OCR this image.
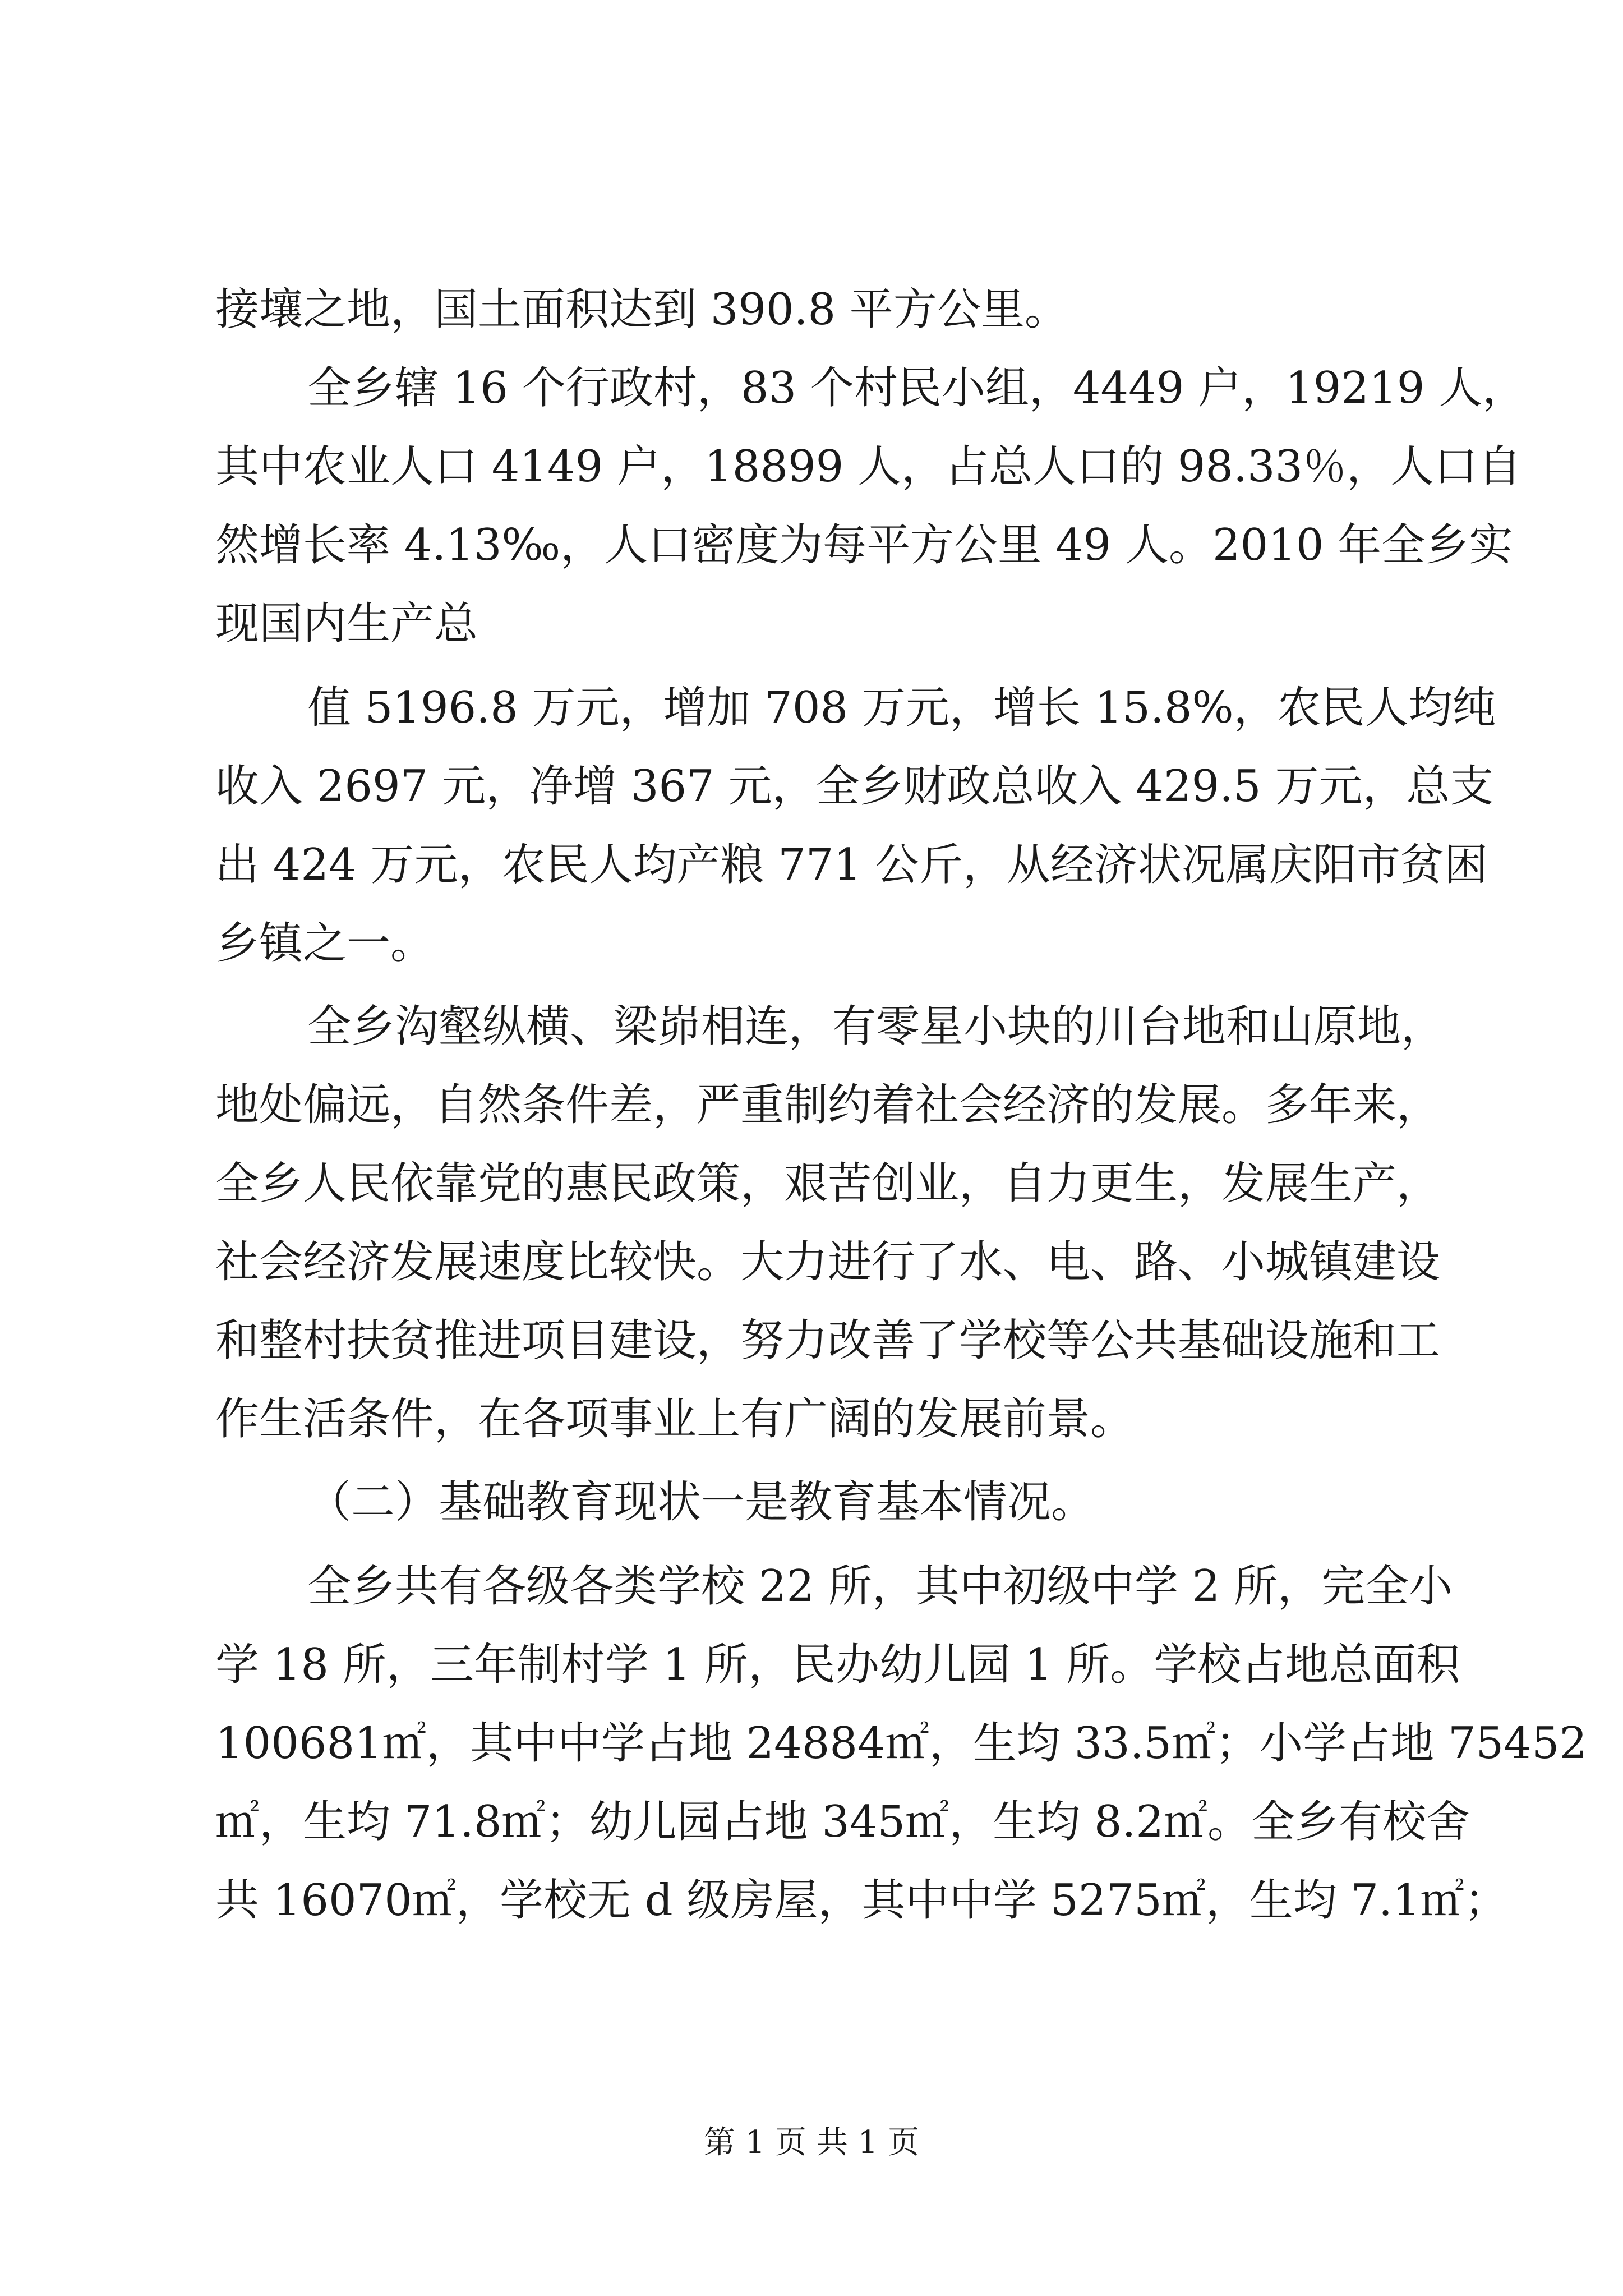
接壤之地，国土面积达到 390.8 平方公里。

全乡辖 16 个行政村，83 个村民小组，4449 户，19219 人，

其中农业人口 4149 户，18899 人，占总人口的 98.33％，人口自

然增长率 4.13‰，人口密度为每平方公里 49 人。2010 年全乡实

现国内生产总

值 5196.8 万元，增加 708 万元，增长 15.8%，农民人均纯

收入 2697 元，净增 367 元，全乡财政总收入 429.5 万元，总支

出 424 万元，农民人均产粮 771 公斤，从经济状况属庆阳市贫困

乡镇之一。

全乡沟壑纵横、梁峁相连，有零星小块的川台地和山原地，

地处偏远，自然条件差，严重制约着社会经济的发展。多年来，

全乡人民依靠党的惠民政策，艰苦创业，自力更生，发展生产，

社会经济发展速度比较快。大力进行了水、电、路、小城镇建设

和整村扶贫推进项目建设，努力改善了学校等公共基础设施和工

作生活条件，在各项事业上有广阔的发展前景。

（二）基础教育现状一是教育基本情况。

全乡共有各级各类学校 22 所，其中初级中学 2 所，完全小

学 18 所，三年制村学 1 所，民办幼儿园 1 所。学校占地总面积

100681㎡，其中中学占地 24884㎡，生均 33.5㎡；小学占地 75452

㎡，生均 71.8㎡；幼儿园占地 345㎡，生均 8.2㎡。全乡有校舍

共 16070㎡，学校无 d 级房屋，其中中学 5275㎡，生均 7.1㎡；

第 1 页 共 1 页
